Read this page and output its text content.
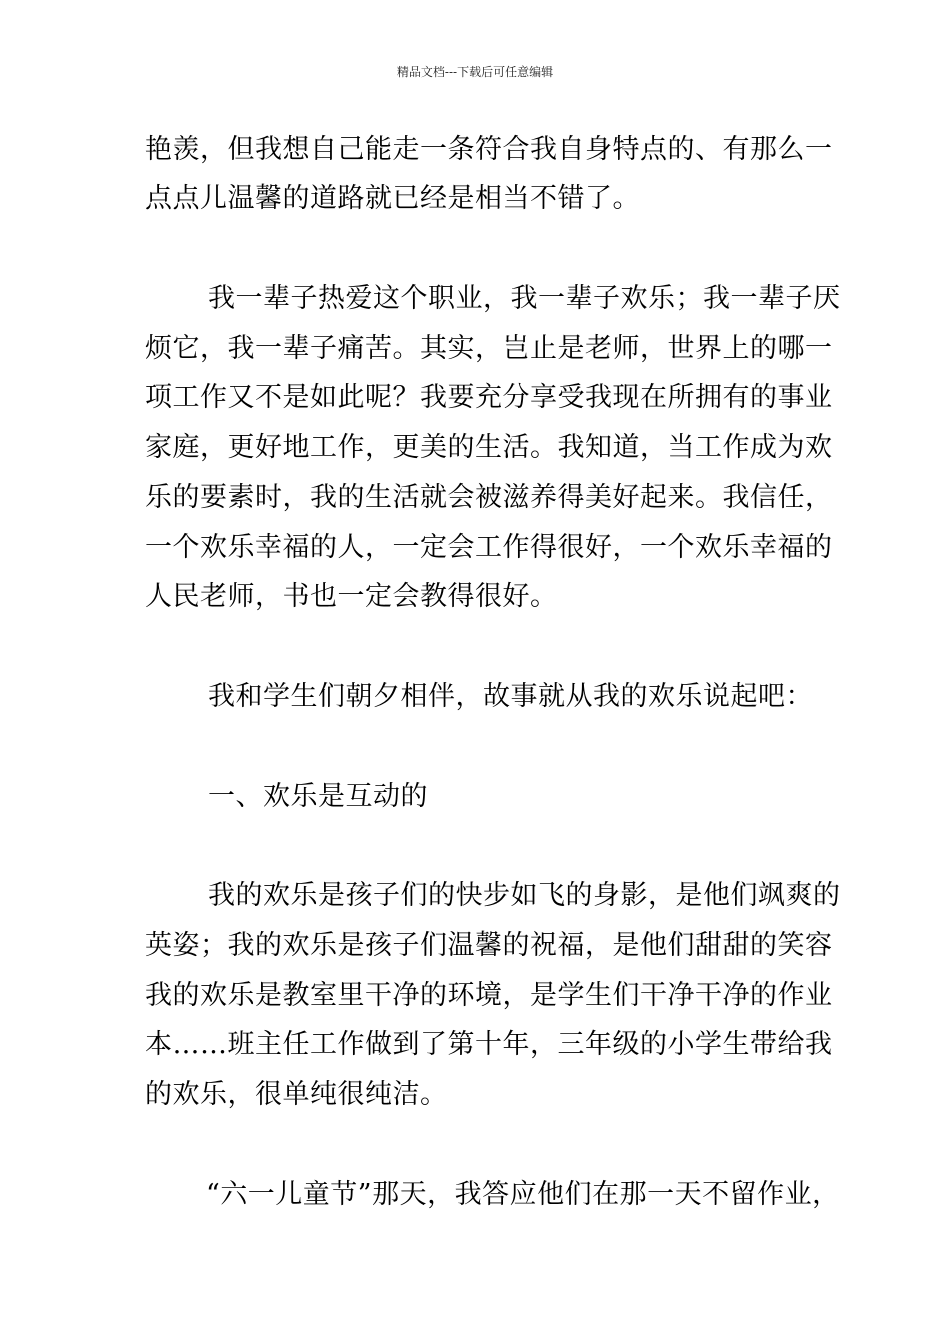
精品文档---下载后可任意编辑
艳羡，但我想自己能走一条符合我自身特点的、有那么一
点点儿温馨的道路就已经是相当不错了。
我一辈子热爱这个职业，我一辈子欢乐；我一辈子厌
烦它，我一辈子痛苦。其实，岂止是老师，世界上的哪一
项工作又不是如此呢？我要充分享受我现在所拥有的事业
家庭，更好地工作，更美的生活。我知道，当工作成为欢
乐的要素时，我的生活就会被滋养得美好起来。我信任，
一个欢乐幸福的人，一定会工作得很好，一个欢乐幸福的
人民老师，书也一定会教得很好。
我和学生们朝夕相伴，故事就从我的欢乐说起吧：
一、欢乐是互动的
我的欢乐是孩子们的快步如飞的身影，是他们飒爽的
英姿；我的欢乐是孩子们温馨的祝福，是他们甜甜的笑容
我的欢乐是教室里干净的环境，是学生们干净干净的作业
本……班主任工作做到了第十年，三年级的小学生带给我
的欢乐，很单纯很纯洁。
“六一儿童节”那天，我答应他们在那一天不留作业，
